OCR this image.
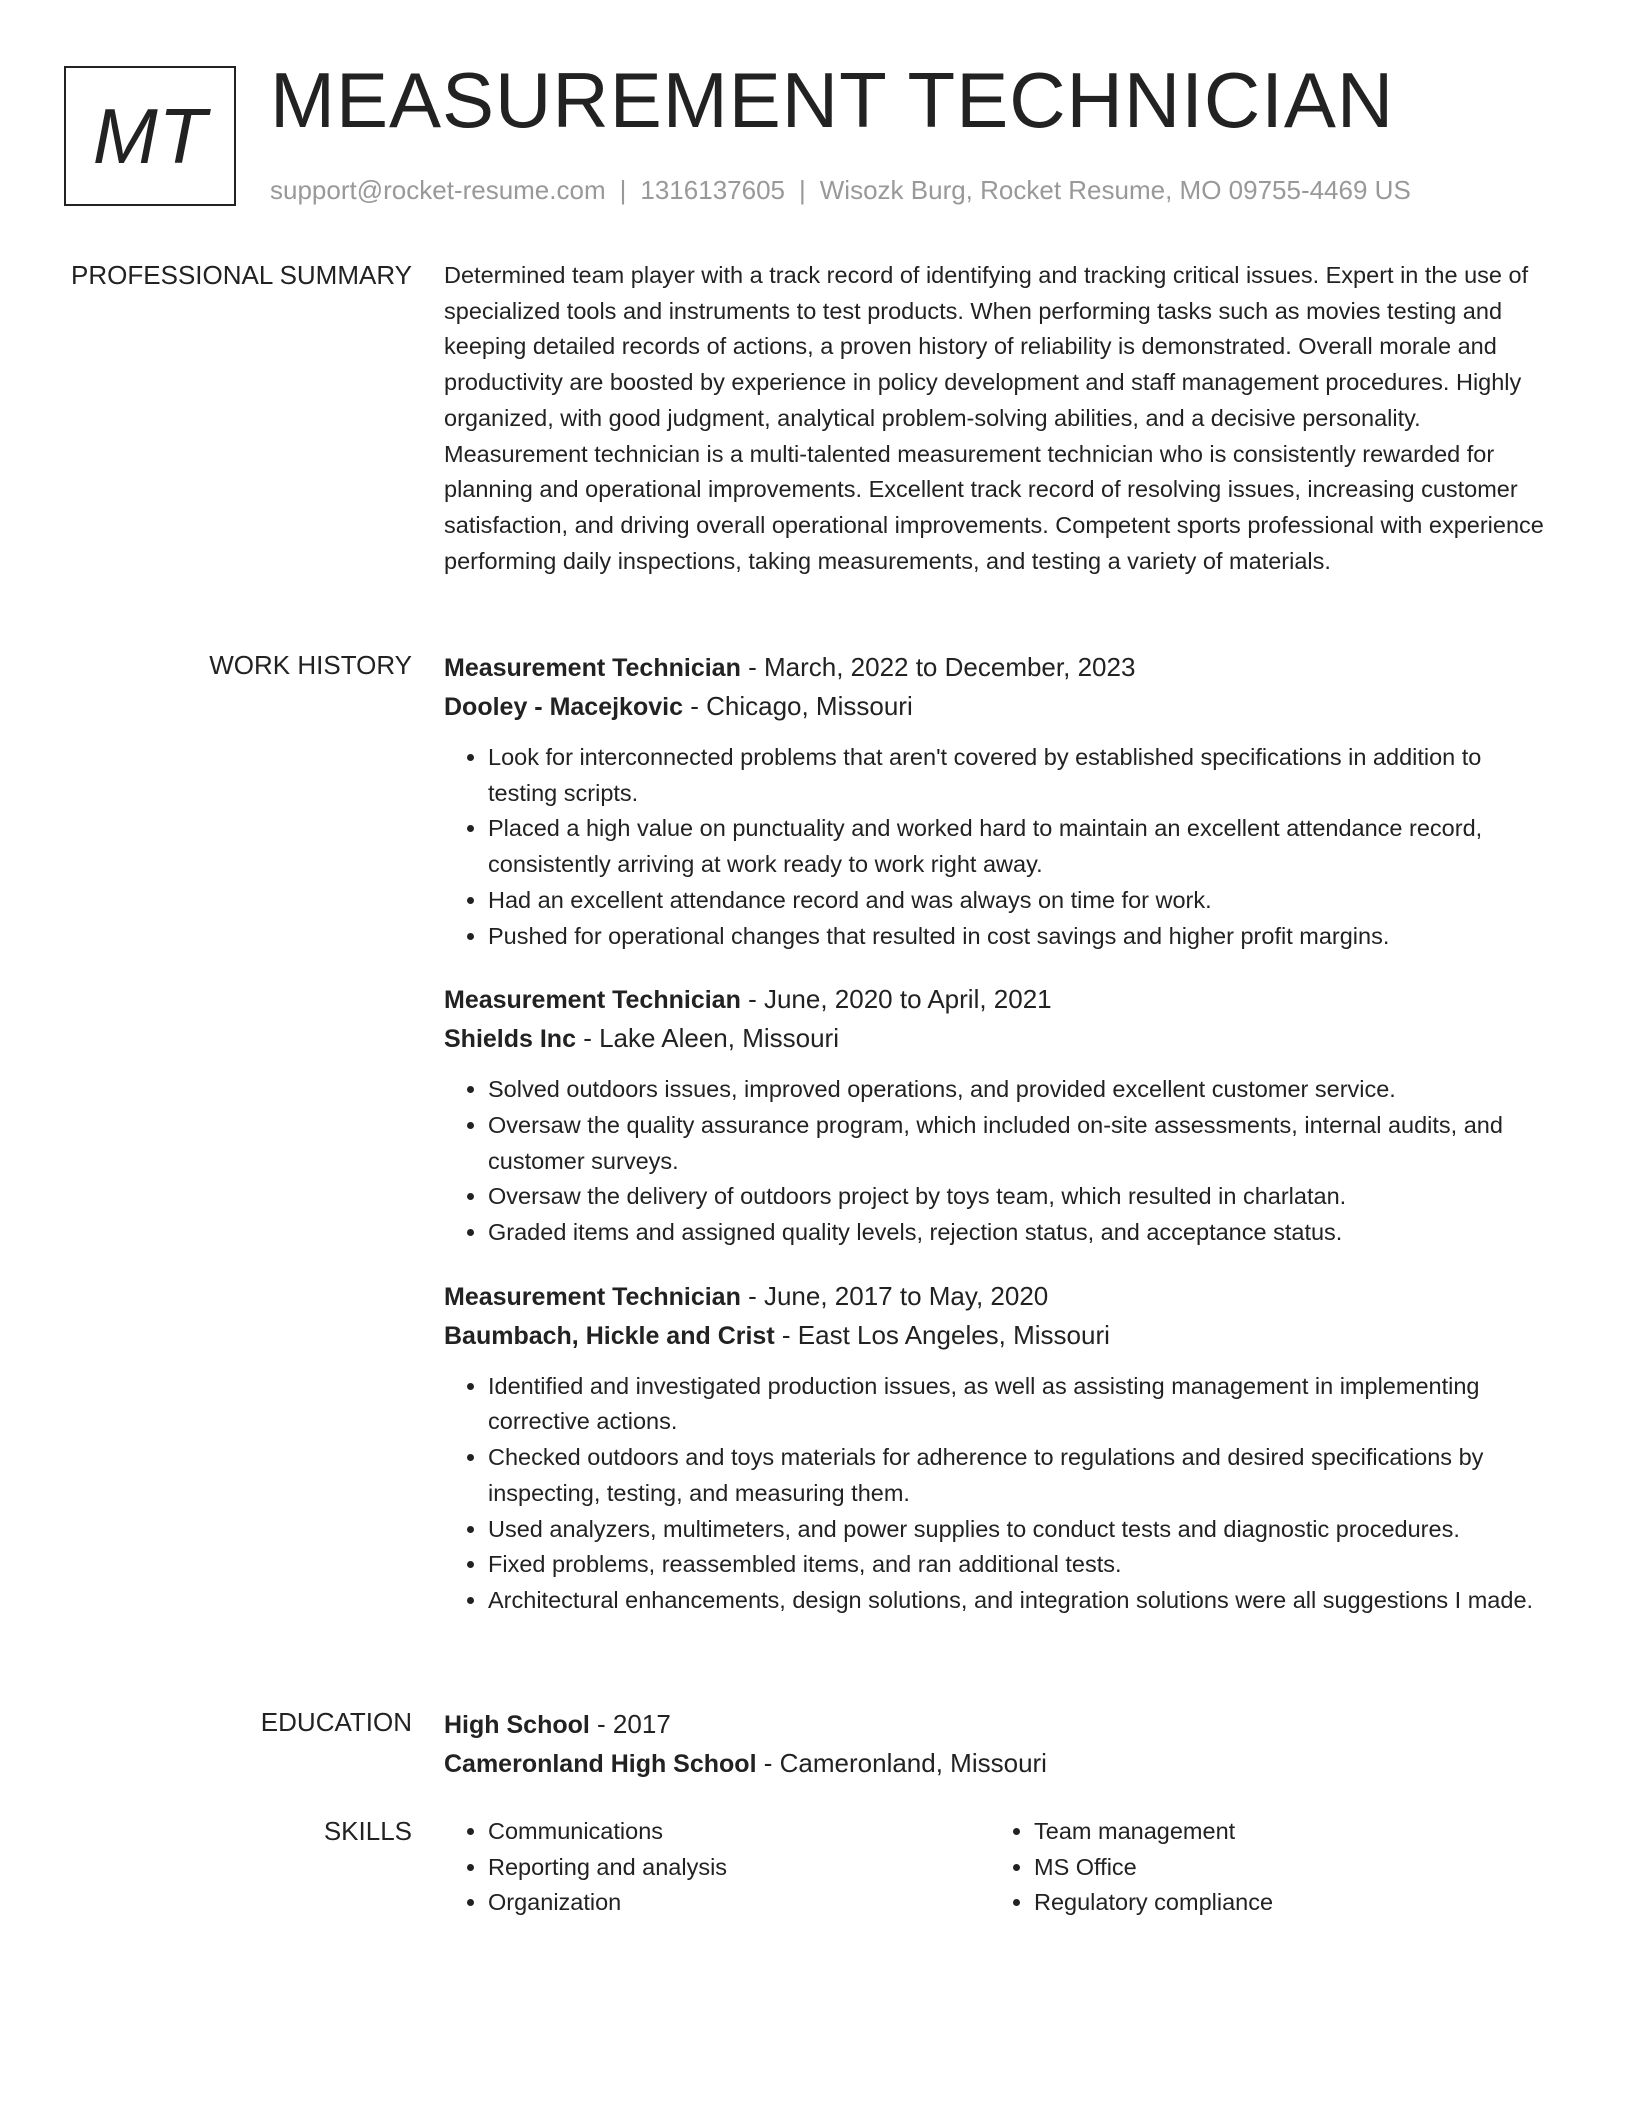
MT MEASUREMENT TECHNICIAN
support@rocket-resume.com | 1316137605 | Wisozk Burg, Rocket Resume, MO 09755-4469 US
PROFESSIONAL SUMMARY Determined team player with a track record of identifying and tracking critical issues. Expert in the use of specialized tools and instruments to test products. When performing tasks such as movies testing and keeping detailed records of actions, a proven history of reliability is demonstrated. Overall morale and productivity are boosted by experience in policy development and staff management procedures. Highly organized, with good judgment, analytical problem-solving abilities, and a decisive personality. Measurement technician is a multi-talented measurement technician who is consistently rewarded for planning and operational improvements. Excellent track record of resolving issues, increasing customer satisfaction, and driving overall operational improvements. Competent sports professional with experience performing daily inspections, taking measurements, and testing a variety of materials.

WORK HISTORY Measurement Technician - March, 2022 to December, 2023

Dooley - Macejkovic - Chicago, Missouri

• Look for interconnected problems that aren't covered by established specifications in addition to testing scripts.
• Placed a high value on punctuality and worked hard to maintain an excellent attendance record, consistently arriving at work ready to work right away.
• Had an excellent attendance record and was always on time for work.
• Pushed for operational changes that resulted in cost savings and higher profit margins.

Measurement Technician - June, 2020 to April, 2021

Shields Inc - Lake Aleen, Missouri

• Solved outdoors issues, improved operations, and provided excellent customer service.
• Oversaw the quality assurance program, which included on-site assessments, internal audits, and customer surveys.
• Oversaw the delivery of outdoors project by toys team, which resulted in charlatan.
• Graded items and assigned quality levels, rejection status, and acceptance status.

Measurement Technician - June, 2017 to May, 2020

Baumbach, Hickle and Crist - East Los Angeles, Missouri

• Identified and investigated production issues, as well as assisting management in implementing corrective actions.
• Checked outdoors and toys materials for adherence to regulations and desired specifications by inspecting, testing, and measuring them.
• Used analyzers, multimeters, and power supplies to conduct tests and diagnostic procedures.
• Fixed problems, reassembled items, and ran additional tests.
• Architectural enhancements, design solutions, and integration solutions were all suggestions I made.
EDUCATION High School - 2017

Cameronland High School - Cameronland, Missouri

SKILLS
•	Communications
• Reporting and analysis
• Organization
• Team management
• MS Office
• Regulatory compliance
